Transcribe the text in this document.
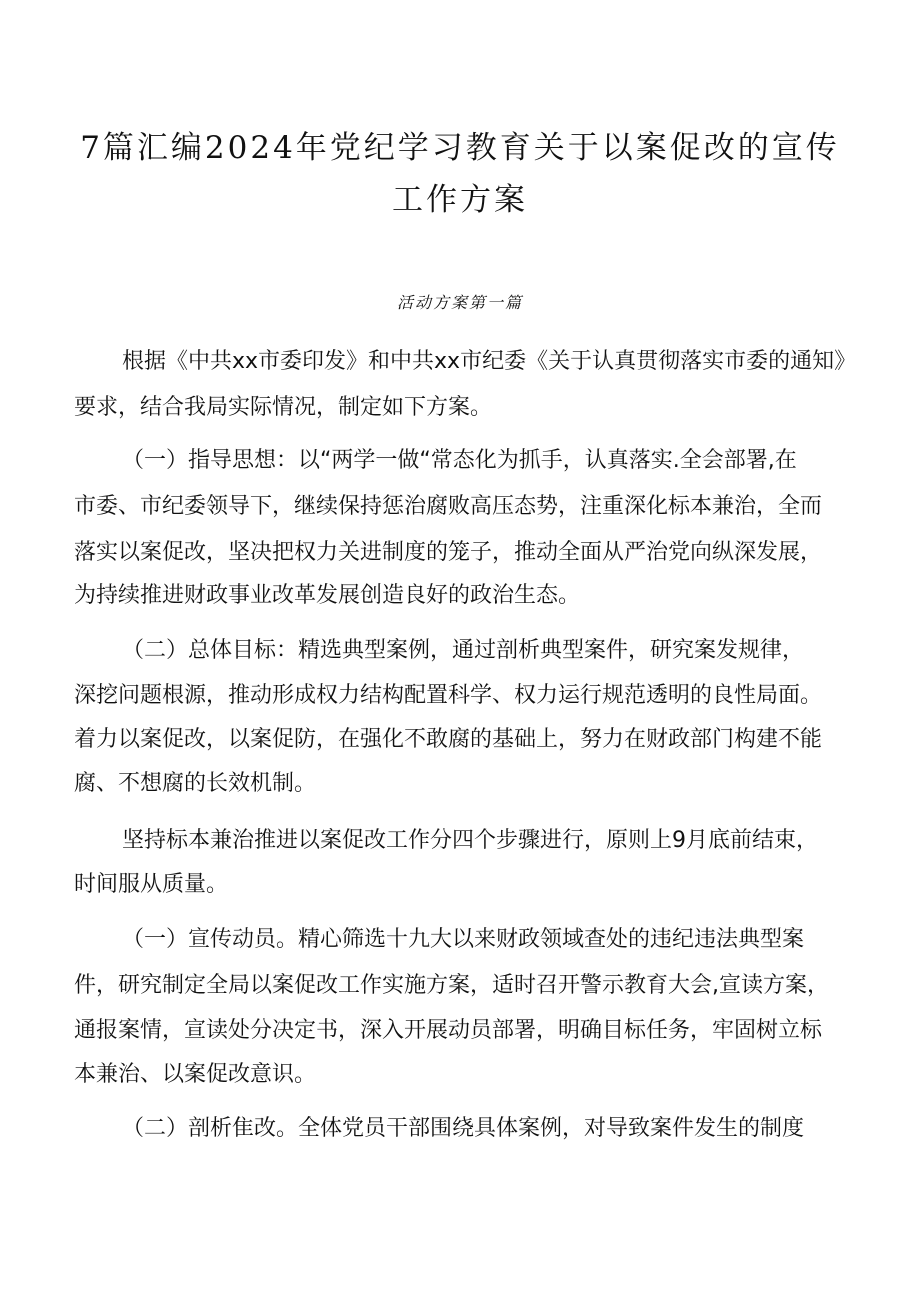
7篇汇编2024年党纪学习教育关于以案促改的宣传
工作方案
活动方案第一篇
根据《中共xx市委印发》和中共xx市纪委《关于认真贯彻落实市委的通知》
要求，结合我局实际情况，制定如下方案。
（一）指导思想：以“两学一做“常态化为抓手，认真落实.全会部署,在
市委、市纪委领导下，继续保持惩治腐败高压态势，注重深化标本兼治，全而
落实以案促改，坚决把权力关进制度的笼子，推动全面从严治党向纵深发展，
为持续推进财政事业改革发展创造良好的政治生态。
（二）总体目标：精选典型案例，通过剖析典型案件，研究案发规律，
深挖问题根源，推动形成权力结构配置科学、权力运行规范透明的良性局面。
着力以案促改，以案促防，在强化不敢腐的基础上，努力在财政部门构建不能
腐、不想腐的长效机制。
坚持标本兼治推进以案促改工作分四个步骤进行，原则上9月底前结束，
时间服从质量。
（一）宣传动员。精心筛选十九大以来财政领域查处的违纪违法典型案
件，研究制定全局以案促改工作实施方案，适时召开警示教育大会,宣读方案，
通报案情，宣读处分决定书，深入开展动员部署，明确目标任务，牢固树立标
本兼治、以案促改意识。
（二）剖析隹改。全体党员干部围绕具体案例，对导致案件发生的制度
